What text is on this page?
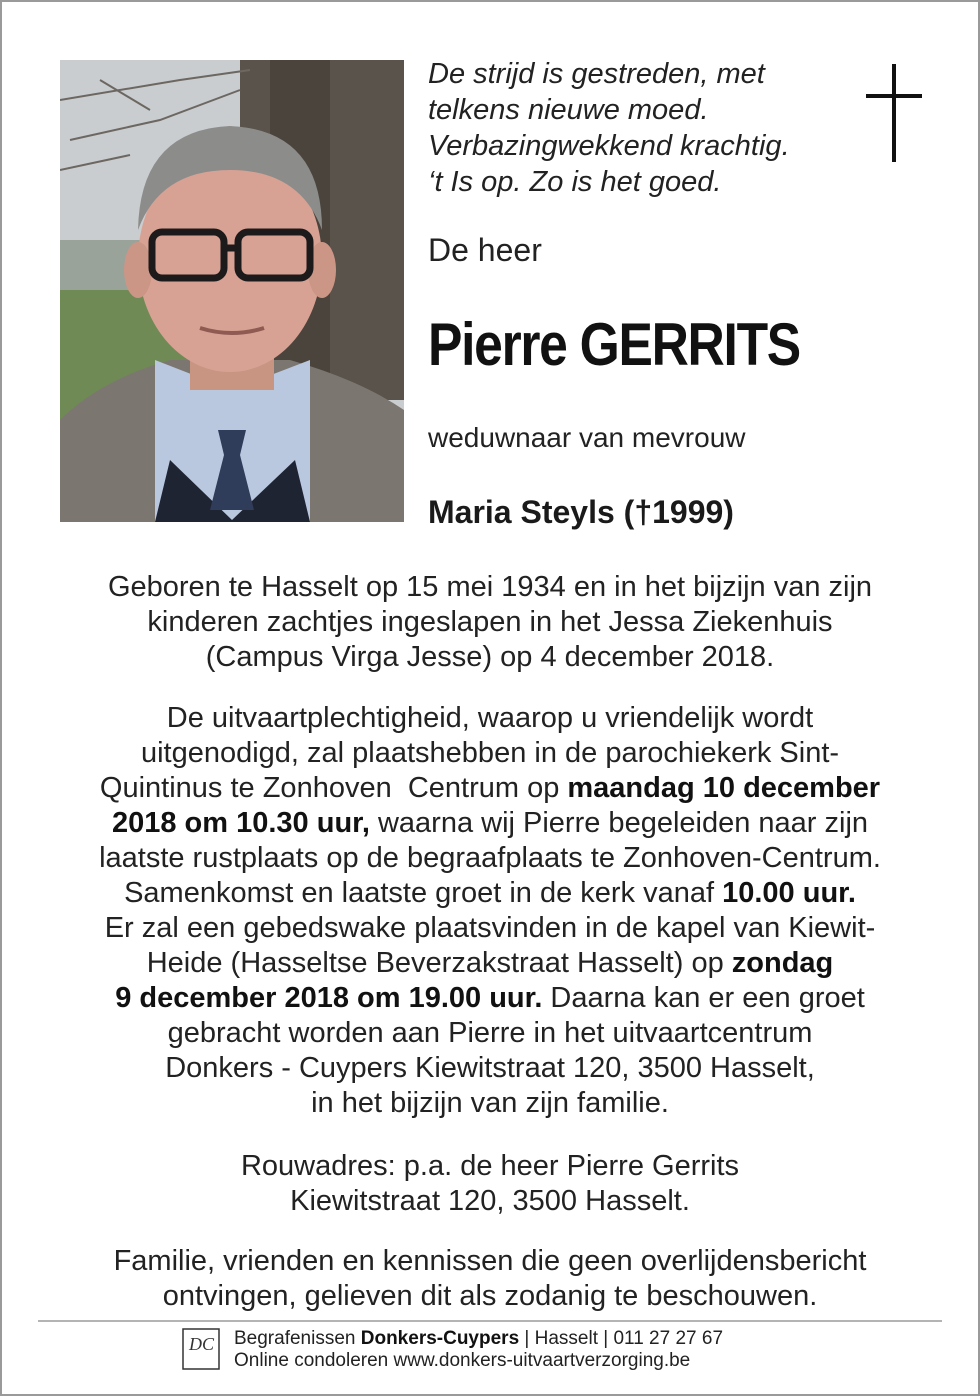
De strijd is gestreden, met
telkens nieuwe moed.
Verbazingwekkend krachtig.
‘t Is op. Zo is het goed.
De heer
Pierre GERRITS
weduwnaar van mevrouw
Maria Steyls (†1999)
Geboren te Hasselt op 15 mei 1934 en in het bijzijn van zijn
kinderen zachtjes ingeslapen in het Jessa Ziekenhuis
(Campus Virga Jesse) op 4 december 2018.
De uitvaartplechtigheid, waarop u vriendelijk wordt
uitgenodigd, zal plaatshebben in de parochiekerk Sint-
Quintinus te Zonhoven  Centrum op maandag 10 december
2018 om 10.30 uur, waarna wij Pierre begeleiden naar zijn
laatste rustplaats op de begraafplaats te Zonhoven-Centrum.
Samenkomst en laatste groet in de kerk vanaf 10.00 uur.
Er zal een gebedswake plaatsvinden in de kapel van Kiewit-
Heide (Hasseltse Beverzakstraat Hasselt) op zondag
9 december 2018 om 19.00 uur. Daarna kan er een groet
gebracht worden aan Pierre in het uitvaartcentrum
Donkers - Cuypers Kiewitstraat 120, 3500 Hasselt,
in het bijzijn van zijn familie.
Rouwadres: p.a. de heer Pierre Gerrits
Kiewitstraat 120, 3500 Hasselt.
Familie, vrienden en kennissen die geen overlijdensbericht
ontvingen, gelieven dit als zodanig te beschouwen.
DC Begrafenissen Donkers-Cuypers | Hasselt | 011 27 27 67
Online condoleren www.donkers-uitvaartverzorging.be
